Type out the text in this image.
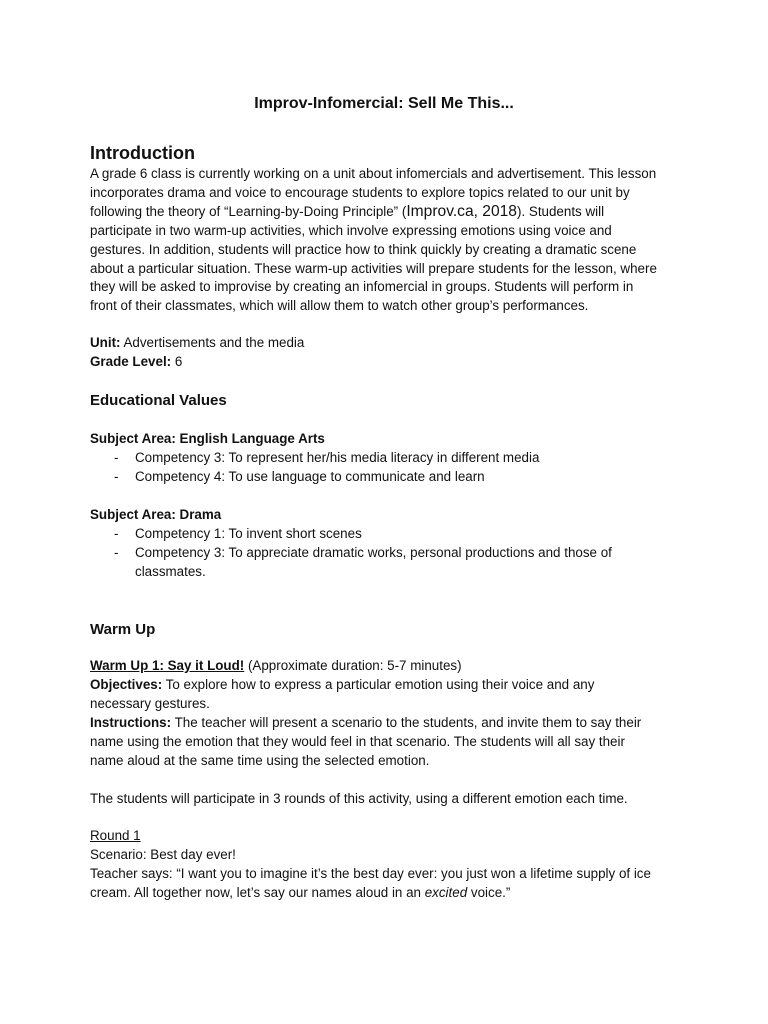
Improv-Infomercial: Sell Me This...
Introduction
A grade 6 class is currently working on a unit about infomercials and advertisement. This lesson
incorporates drama and voice to encourage students to explore topics related to our unit by
following the theory of “Learning-by-Doing Principle” (Improv.ca, 2018). Students will
participate in two warm-up activities, which involve expressing emotions using voice and
gestures. In addition, students will practice how to think quickly by creating a dramatic scene
about a particular situation. These warm-up activities will prepare students for the lesson, where
they will be asked to improvise by creating an infomercial in groups. Students will perform in
front of their classmates, which will allow them to watch other group’s performances.
Unit: Advertisements and the media
Grade Level: 6
Educational Values
Subject Area: English Language Arts
- Competency 3: To represent her/his media literacy in different media
- Competency 4: To use language to communicate and learn
Subject Area: Drama
- Competency 1: To invent short scenes
- Competency 3: To appreciate dramatic works, personal productions and those of classmates.
Warm Up
Warm Up 1: Say it Loud! (Approximate duration: 5-7 minutes)
Objectives: To explore how to express a particular emotion using their voice and any
necessary gestures.
Instructions: The teacher will present a scenario to the students, and invite them to say their
name using the emotion that they would feel in that scenario. The students will all say their
name aloud at the same time using the selected emotion.
The students will participate in 3 rounds of this activity, using a different emotion each time.
Round 1
Scenario: Best day ever!
Teacher says: “I want you to imagine it’s the best day ever: you just won a lifetime supply of ice
cream. All together now, let’s say our names aloud in an excited voice.”
